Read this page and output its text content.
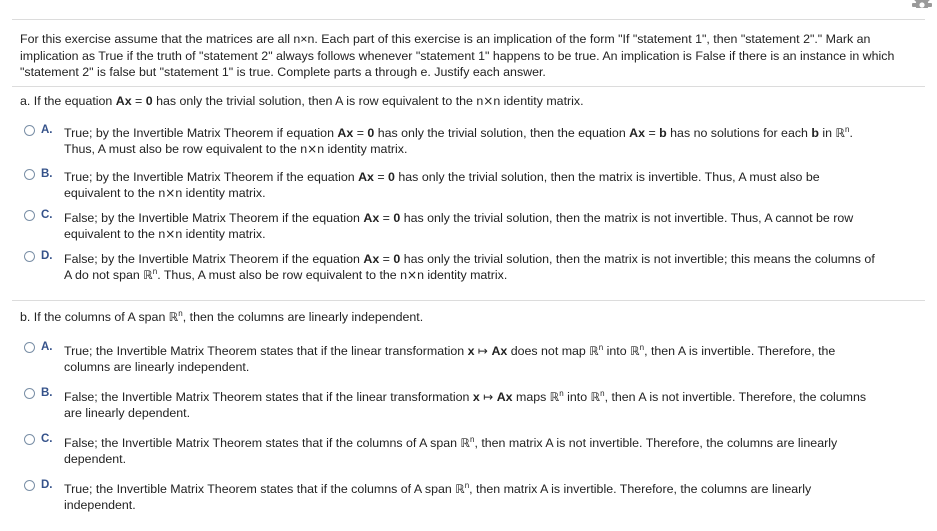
For this exercise assume that the matrices are all n×n. Each part of this exercise is an implication of the form "If "statement 1", then "statement 2"." Mark an implication as True if the truth of "statement 2" always follows whenever "statement 1" happens to be true. An implication is False if there is an instance in which "statement 2" is false but "statement 1" is true. Complete parts a through e. Justify each answer.
a. If the equation Ax = 0 has only the trivial solution, then A is row equivalent to the n×n identity matrix.
A. True; by the Invertible Matrix Theorem if equation Ax = 0 has only the trivial solution, then the equation Ax = b has no solutions for each b in ℝ$^n$.
Thus, A must also be row equivalent to the n×n identity matrix.
B. True; by the Invertible Matrix Theorem if the equation Ax = 0 has only the trivial solution, then the matrix is invertible. Thus, A must also be
equivalent to the n×n identity matrix.
C. False; by the Invertible Matrix Theorem if the equation Ax = 0 has only the trivial solution, then the matrix is not invertible. Thus, A cannot be row
equivalent to the n×n identity matrix.
D. False; by the Invertible Matrix Theorem if the equation Ax = 0 has only the trivial solution, then the matrix is not invertible; this means the columns of
A do not span ℝ$^n$. Thus, A must also be row equivalent to the n×n identity matrix.
b. If the columns of A span ℝ$^n$, then the columns are linearly independent.
A. True; the Invertible Matrix Theorem states that if the linear transformation x ↦ Ax does not map ℝ$^n$ into ℝ$^n$, then A is invertible. Therefore, the
columns are linearly independent.
B. False; the Invertible Matrix Theorem states that if the linear transformation x ↦ Ax maps ℝ$^n$ into ℝ$^n$, then A is not invertible. Therefore, the columns
are linearly dependent.
C. False; the Invertible Matrix Theorem states that if the columns of A span ℝ$^n$, then matrix A is not invertible. Therefore, the columns are linearly
dependent.
D. True; the Invertible Matrix Theorem states that if the columns of A span ℝ$^n$, then matrix A is invertible. Therefore, the columns are linearly
independent.
